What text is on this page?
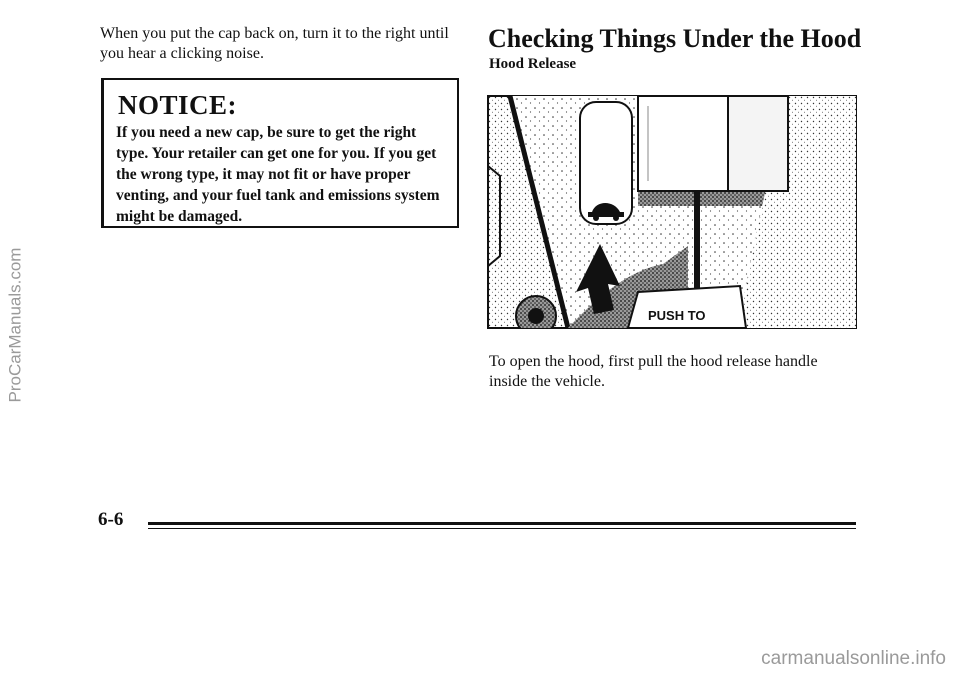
ProCarManuals.com

When you put the cap back on, turn it to the right until you hear a clicking noise.

NOTICE:

If you need a new cap, be sure to get the right type. Your retailer can get one for you. If you get the wrong type, it may not fit or have proper venting, and your fuel tank and emissions system might be damaged.

Checking Things Under the Hood
Hood Release
PUSH TO

To open the hood, first pull the hood release handle inside the vehicle.

6-6
carmanualsonline.info
